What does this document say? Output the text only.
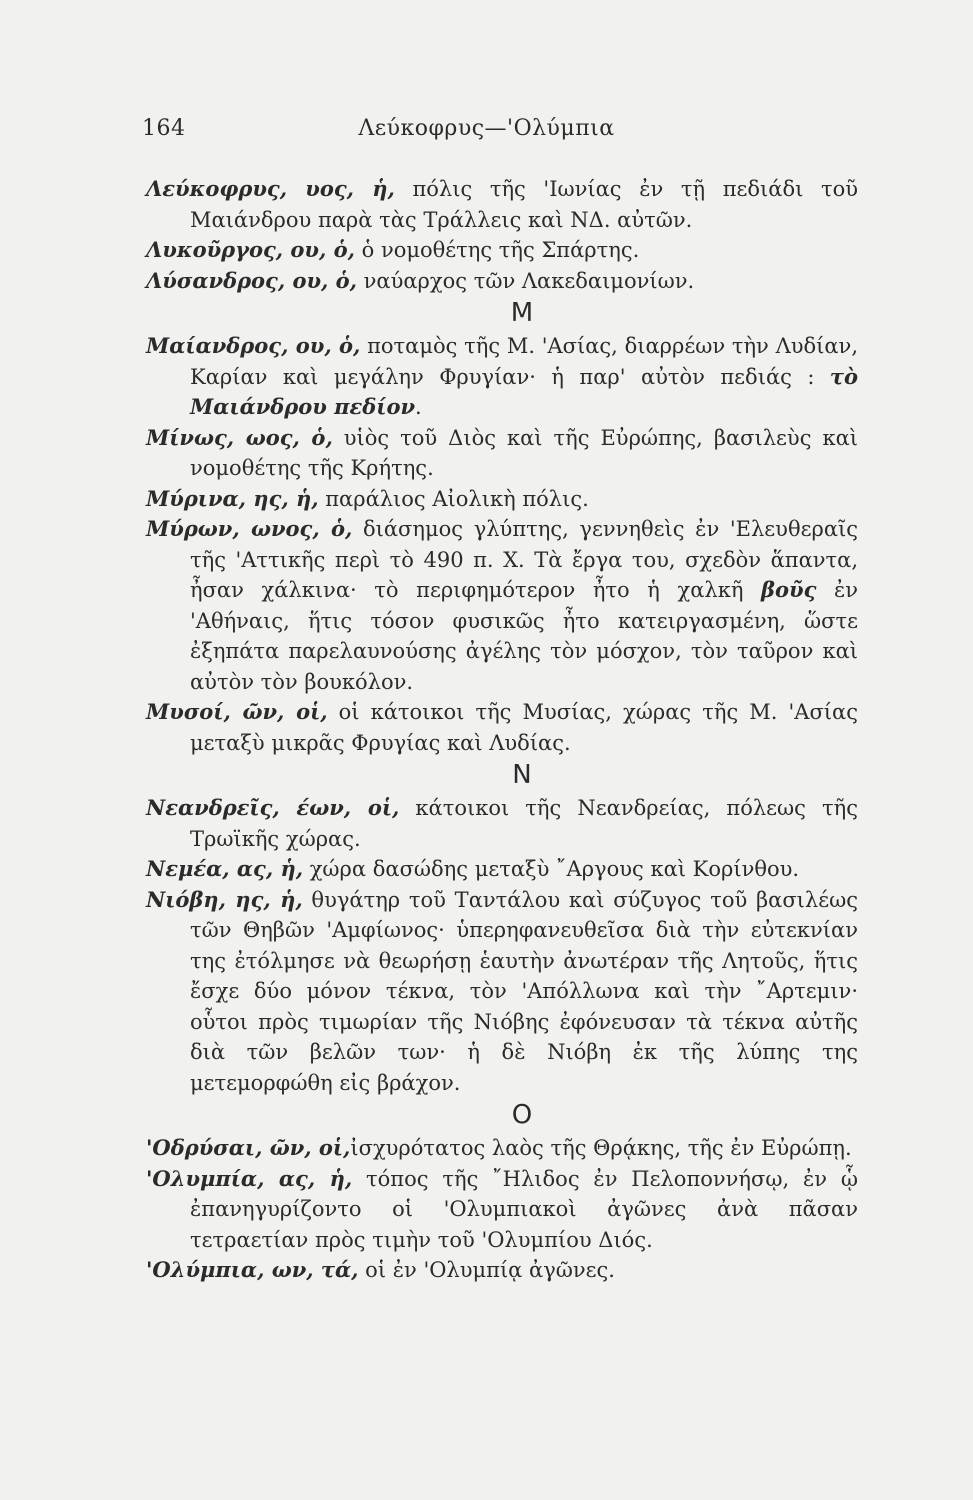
164	Λεύκοφρυς—'Ολύμπια

Λεύκοφρυς, υος, ἡ, πόλις τῆς 'Ιωνίας ἐν τῇ πεδιάδι τοῦ Μαιάνδρου παρὰ τὰς Τράλλεις καὶ ΝΔ. αὐτῶν.

Λυκοῦργος, ου, ὁ, ὁ νομοθέτης τῆς Σπάρτης.

Λύσανδρος, ου, ὁ, ναύαρχος τῶν Λακεδαιμονίων.

Μ

Μαίανδρος, ου, ὁ, ποταμὸς τῆς Μ. 'Ασίας, διαρρέων τὴν Λυδίαν, Καρίαν καὶ μεγάλην Φρυγίαν· ἡ παρ' αὐτὸν πεδιάς : τὸ Μαιάνδρου πεδίον.

Μίνως, ωος, ὁ, υἱὸς τοῦ Διὸς καὶ τῆς Εὐρώπης, βασιλεὺς καὶ νομοθέτης τῆς Κρήτης.

Μύρινα, ης, ἡ, παράλιος Αἰολικὴ πόλις.

Μύρων, ωνος, ὁ, διάσημος γλύπτης, γεννηθεὶς ἐν 'Ελευθεραῖς τῆς 'Αττικῆς περὶ τὸ 490 π. Χ. Τὰ ἔργα του, σχεδὸν ἅπαντα, ἦσαν χάλκινα· τὸ περιφημότερον ἦτο ἡ χαλκῆ βοῦς ἐν 'Αθήναις, ἥτις τόσον φυσικῶς ἦτο κατειργασμένη, ὥστε ἐξηπάτα παρελαυνούσης ἀγέλης τὸν μόσχον, τὸν ταῦρον καὶ αὐτὸν τὸν βουκόλον.

Μυσοί, ῶν, οἱ, οἱ κάτοικοι τῆς Μυσίας, χώρας τῆς Μ. 'Ασίας μεταξὺ μικρᾶς Φρυγίας καὶ Λυδίας.

Ν

Νεανδρεῖς, έων, οἱ, κάτοικοι τῆς Νεανδρείας, πόλεως τῆς Τρωϊκῆς χώρας.

Νεμέα, ας, ἡ, χώρα δασώδης μεταξὺ ῎Αργους καὶ Κορίνθου.

Νιόβη, ης, ἡ, θυγάτηρ τοῦ Ταντάλου καὶ σύζυγος τοῦ βασιλέως τῶν Θηβῶν 'Αμφίωνος· ὑπερηφανευθεῖσα διὰ τὴν εὐτεκνίαν της ἐτόλμησε νὰ θεωρήσῃ ἑαυτὴν ἀνωτέραν τῆς Λητοῦς, ἥτις ἔσχε δύο μόνον τέκνα, τὸν 'Απόλλωνα καὶ τὴν ῎Αρτεμιν· οὗτοι πρὸς τιμωρίαν τῆς Νιόβης ἐφόνευσαν τὰ τέκνα αὐτῆς διὰ τῶν βελῶν των· ἡ δὲ Νιόβη ἐκ τῆς λύπης της μετεμορφώθη εἰς βράχον.

Ο

'Οδρύσαι, ῶν, οἱ,ἰσχυρότατος λαὸς τῆς Θρᾴκης, τῆς ἐν Εὐρώπῃ.

'Ολυμπία, ας, ἡ, τόπος τῆς ῎Ηλιδος ἐν Πελοποννήσῳ, ἐν ᾧ ἐπανηγυρίζοντο οἱ 'Ολυμπιακοὶ ἀγῶνες ἀνὰ πᾶσαν τετραετίαν πρὸς τιμὴν τοῦ 'Ολυμπίου Διός.

'Ολύμπια, ων, τά, οἱ ἐν 'Ολυμπίᾳ ἀγῶνες.
